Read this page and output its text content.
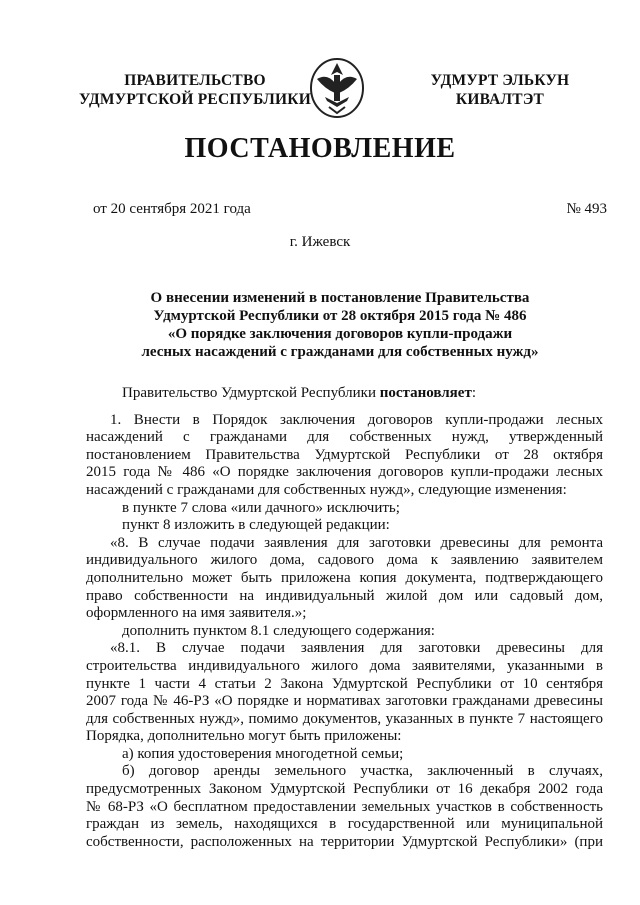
ПРАВИТЕЛЬСТВО
УДМУРТСКОЙ РЕСПУБЛИКИ
УДМУРТ ЭЛЬКУН
КИВАЛТЭТ
ПОСТАНОВЛЕНИЕ
от 20 сентября 2021 года	№ 493
г. Ижевск
О внесении изменений в постановление Правительства
Удмуртской Республики от 28 октября 2015 года № 486
«О порядке заключения договоров купли-продажи
лесных насаждений с гражданами для собственных нужд»
Правительство Удмуртской Республики постановляет:
1. Внести в Порядок заключения договоров купли-продажи лесных
насаждений с гражданами для собственных нужд, утвержденный
постановлением Правительства Удмуртской Республики от 28 октября
2015 года № 486 «О порядке заключения договоров купли-продажи лесных
насаждений с гражданами для собственных нужд», следующие изменения:
в пункте 7 слова «или дачного» исключить;
пункт 8 изложить в следующей редакции:
«8. В случае подачи заявления для заготовки древесины для ремонта
индивидуального жилого дома, садового дома к заявлению заявителем
дополнительно может быть приложена копия документа, подтверждающего
право собственности на индивидуальный жилой дом или садовый дом,
оформленного на имя заявителя.»;
дополнить пунктом 8.1 следующего содержания:
«8.1. В случае подачи заявления для заготовки древесины для
строительства индивидуального жилого дома заявителями, указанными в
пункте 1 части 4 статьи 2 Закона Удмуртской Республики от 10 сентября
2007 года № 46-РЗ «О порядке и нормативах заготовки гражданами древесины
для собственных нужд», помимо документов, указанных в пункте 7 настоящего
Порядка, дополнительно могут быть приложены:
а) копия удостоверения многодетной семьи;
б) договор аренды земельного участка, заключенный в случаях,
предусмотренных Законом Удмуртской Республики от 16 декабря 2002 года
№ 68-РЗ «О бесплатном предоставлении земельных участков в собственность
граждан из земель, находящихся в государственной или муниципальной
собственности, расположенных на территории Удмуртской Республики» (при
